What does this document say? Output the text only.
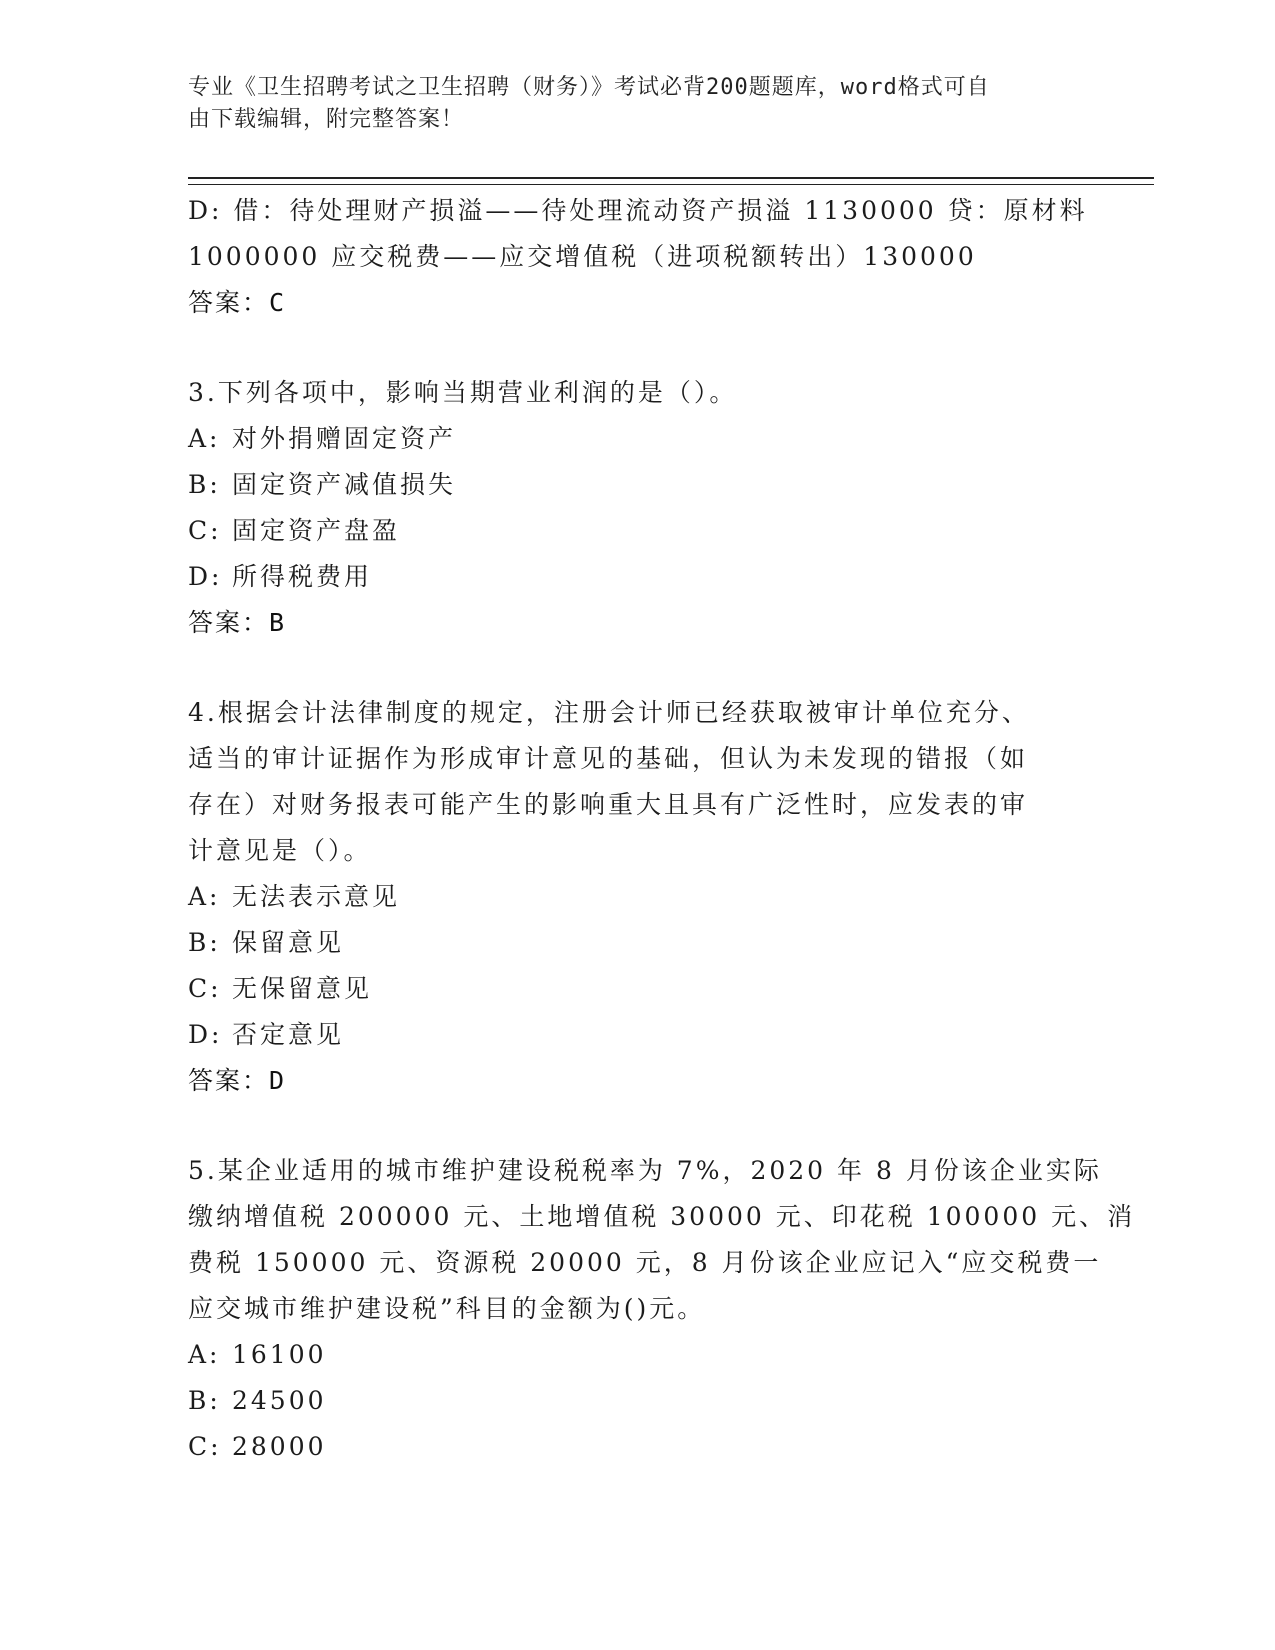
专业《卫生招聘考试之卫生招聘（财务）》考试必背200题题库，word格式可自
由下载编辑，附完整答案！
D: 借：待处理财产损溢——待处理流动资产损溢 1130000 贷：原材料
1000000 应交税费——应交增值税（进项税额转出）130000
答案：C
3.下列各项中，影响当期营业利润的是（）。
A: 对外捐赠固定资产
B: 固定资产减值损失
C: 固定资产盘盈
D: 所得税费用
答案：B
4.根据会计法律制度的规定，注册会计师已经获取被审计单位充分、
适当的审计证据作为形成审计意见的基础，但认为未发现的错报（如
存在）对财务报表可能产生的影响重大且具有广泛性时，应发表的审
计意见是（）。
A: 无法表示意见
B: 保留意见
C: 无保留意见
D: 否定意见
答案：D
5.某企业适用的城市维护建设税税率为 7%，2020 年 8 月份该企业实际
缴纳增值税 200000 元、土地增值税 30000 元、印花税 100000 元、消
费税 150000 元、资源税 20000 元，8 月份该企业应记入“应交税费一
应交城市维护建设税”科目的金额为()元。
A: 16100
B: 24500
C: 28000
